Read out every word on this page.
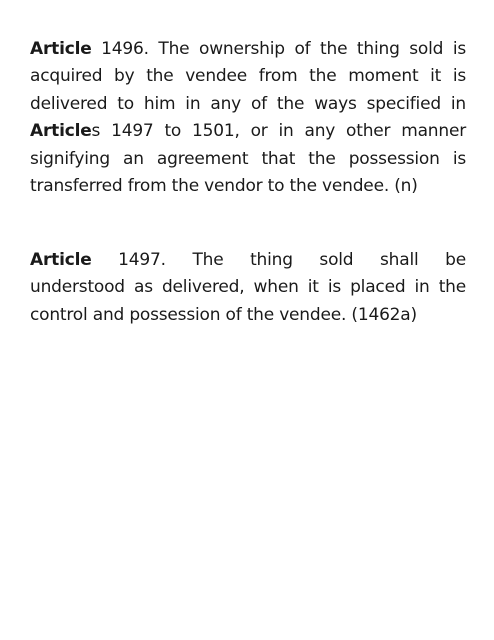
Article 1496. The ownership of the thing sold is
acquired by the vendee from the moment it is
delivered to him in any of the ways specified in
Articles 1497 to 1501, or in any other manner
signifying an agreement that the possession is
transferred from the vendor to the vendee. (n)
Article 1497. The thing sold shall be
understood as delivered, when it is placed in the
control and possession of the vendee. (1462a)
